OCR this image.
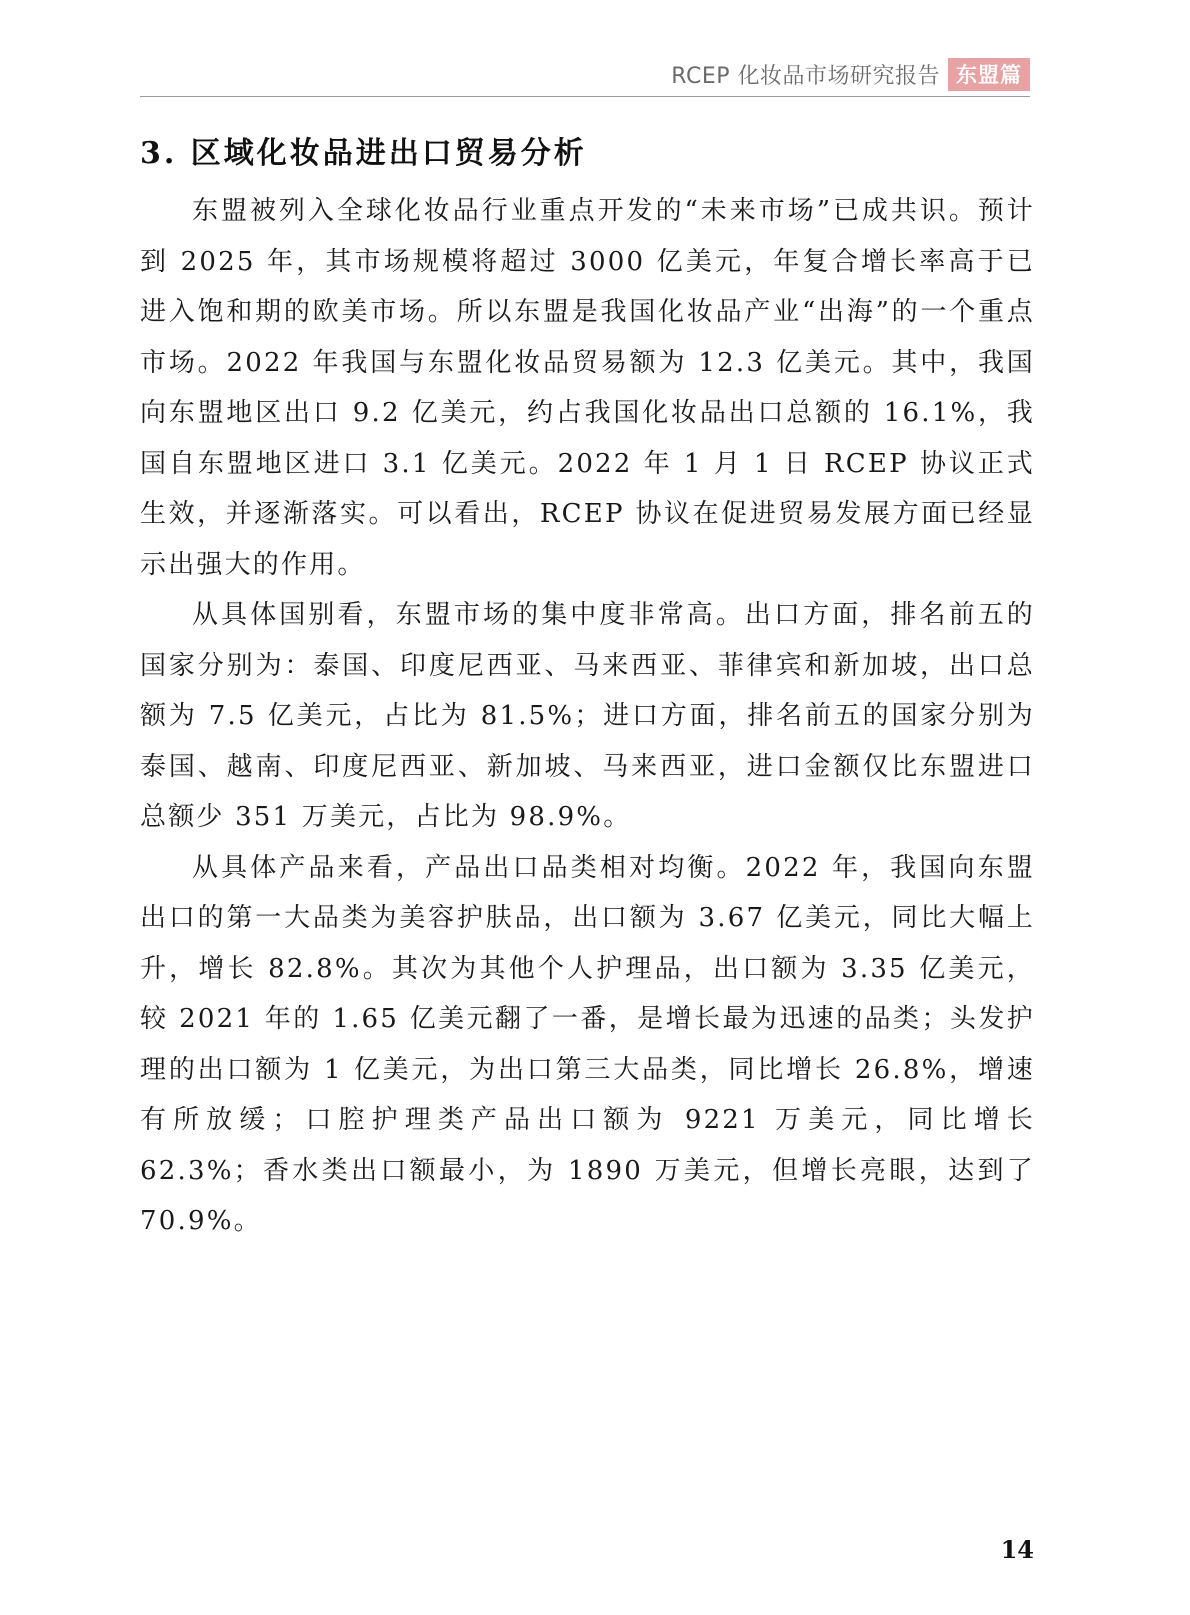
RCEP 化妆品市场研究报告 东盟篇
3. 区域化妆品进出口贸易分析

东盟被列入全球化妆品行业重点开发的“未来市场”已成共识。预计到 2025 年，其市场规模将超过 3000 亿美元，年复合增长率高于已进入饱和期的欧美市场。所以东盟是我国化妆品产业“出海”的一个重点市场。2022 年我国与东盟化妆品贸易额为 12.3 亿美元。其中，我国向东盟地区出口 9.2 亿美元，约占我国化妆品出口总额的 16.1%，我国自东盟地区进口 3.1 亿美元。2022 年 1 月 1 日 RCEP 协议正式生效，并逐渐落实。可以看出，RCEP 协议在促进贸易发展方面已经显示出强大的作用。

从具体国别看，东盟市场的集中度非常高。出口方面，排名前五的国家分别为：泰国、印度尼西亚、马来西亚、菲律宾和新加坡，出口总额为 7.5 亿美元，占比为 81.5%；进口方面，排名前五的国家分别为泰国、越南、印度尼西亚、新加坡、马来西亚，进口金额仅比东盟进口总额少 351 万美元，占比为 98.9%。

从具体产品来看，产品出口品类相对均衡。2022 年，我国向东盟出口的第一大品类为美容护肤品，出口额为 3.67 亿美元，同比大幅上升，增长 82.8%。其次为其他个人护理品，出口额为 3.35 亿美元，较 2021 年的 1.65 亿美元翻了一番，是增长最为迅速的品类；头发护理的出口额为 1 亿美元，为出口第三大品类，同比增长 26.8%，增速有所放缓；口腔护理类产品出口额为 9221 万美元，同比增长 62.3%；香水类出口额最小，为 1890 万美元，但增长亮眼，达到了 70.9%。

14
